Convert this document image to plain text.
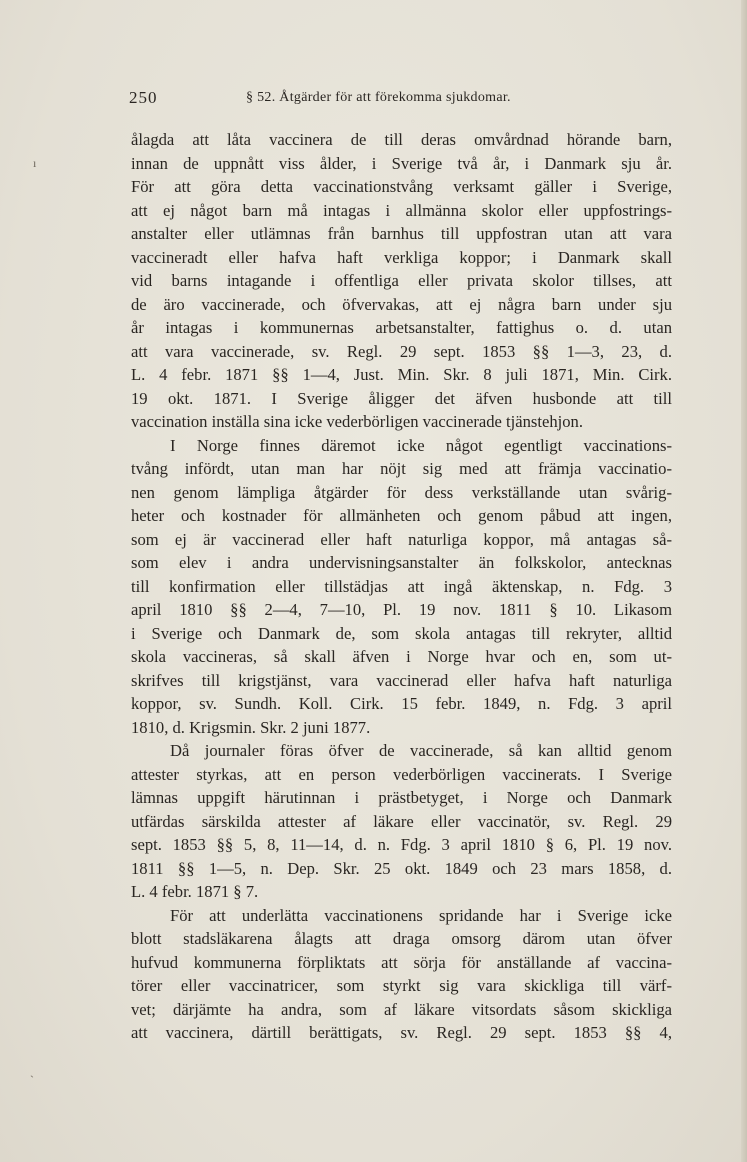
250	§ 52. Åtgärder för att förekomma sjukdomar.
ı
ˎ
ålagda att låta vaccinera de till deras omvårdnad hörande barn,
innan de uppnått viss ålder, i Sverige två år, i Danmark sju år.
För att göra detta vaccinationstvång verksamt gäller i Sverige,
att ej något barn må intagas i allmänna skolor eller uppfostrings-
anstalter eller utlämnas från barnhus till uppfostran utan att vara
vaccineradt eller hafva haft verkliga koppor; i Danmark skall
vid barns intagande i offentliga eller privata skolor tillses, att
de äro vaccinerade, och öfvervakas, att ej några barn under sju
år intagas i kommunernas arbetsanstalter, fattighus o. d. utan
att vara vaccinerade, sv. Regl. 29 sept. 1853 §§ 1—3, 23, d.
L. 4 febr. 1871 §§ 1—4, Just. Min. Skr. 8 juli 1871, Min. Cirk.
19 okt. 1871. I Sverige åligger det äfven husbonde att till
vaccination inställa sina icke vederbörligen vaccinerade tjänstehjon.
I Norge finnes däremot icke något egentligt vaccinations-
tvång infördt, utan man har nöjt sig med att främja vaccinatio-
nen genom lämpliga åtgärder för dess verkställande utan svårig-
heter och kostnader för allmänheten och genom påbud att ingen,
som ej är vaccinerad eller haft naturliga koppor, må antagas så-
som elev i andra undervisningsanstalter än folkskolor, antecknas
till konfirmation eller tillstädjas att ingå äktenskap, n. Fdg. 3
april 1810 §§ 2—4, 7—10, Pl. 19 nov. 1811 § 10. Likasom
i Sverige och Danmark de, som skola antagas till rekryter, alltid
skola vaccineras, så skall äfven i Norge hvar och en, som ut-
skrifves till krigstjänst, vara vaccinerad eller hafva haft naturliga
koppor, sv. Sundh. Koll. Cirk. 15 febr. 1849, n. Fdg. 3 april
1810, d. Krigsmin. Skr. 2 juni 1877.
Då journaler föras öfver de vaccinerade, så kan alltid genom
attester styrkas, att en person vederbörligen vaccinerats. I Sverige
lämnas uppgift härutinnan i prästbetyget, i Norge och Danmark
utfärdas särskilda attester af läkare eller vaccinatör, sv. Regl. 29
sept. 1853 §§ 5, 8, 11—14, d. n. Fdg. 3 april 1810 § 6, Pl. 19 nov.
1811 §§ 1—5, n. Dep. Skr. 25 okt. 1849 och 23 mars 1858, d.
L. 4 febr. 1871 § 7.
För att underlätta vaccinationens spridande har i Sverige icke
blott stadsläkarena ålagts att draga omsorg därom utan öfver
hufvud kommunerna förpliktats att sörja för anställande af vaccina-
törer eller vaccinatricer, som styrkt sig vara skickliga till värf-
vet; därjämte ha andra, som af läkare vitsordats såsom skickliga
att vaccinera, därtill berättigats, sv. Regl. 29 sept. 1853 §§ 4,
